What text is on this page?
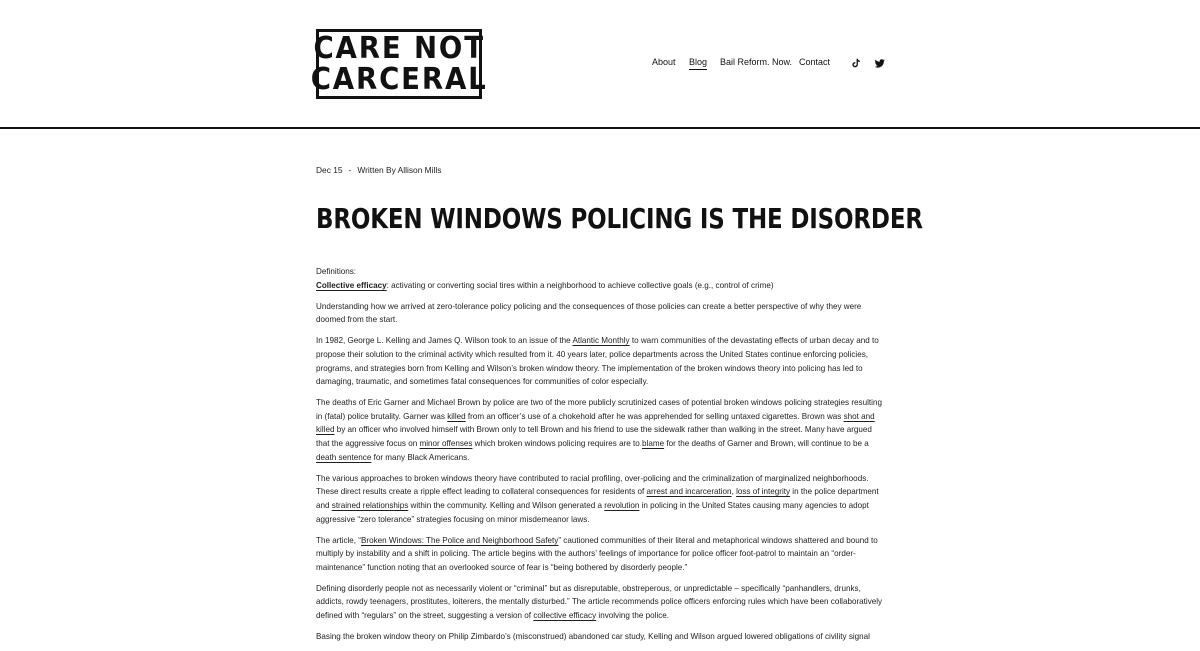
CARE NOT
CARCERAL	About Blog Bail Reform. Now. Contact
Dec 15 - Written By Allison Mills
BROKEN WINDOWS POLICING IS THE DISORDER

Definitions:
Collective efficacy: activating or converting social tires within a neighborhood to achieve collective goals (e.g., control of crime)

Understanding how we arrived at zero-tolerance policy policing and the consequences of those policies can create a better perspective of why they were doomed from the start.

In 1982, George L. Kelling and James Q. Wilson took to an issue of the Atlantic Monthly to warn communities of the devastating effects of urban decay and to propose their solution to the criminal activity which resulted from it. 40 years later, police departments across the United States continue enforcing policies, programs, and strategies born from Kelling and Wilson’s broken window theory. The implementation of the broken windows theory into policing has led to damaging, traumatic, and sometimes fatal consequences for communities of color especially.

The deaths of Eric Garner and Michael Brown by police are two of the more publicly scrutinized cases of potential broken windows policing strategies resulting in (fatal) police brutality. Garner was killed from an officer’s use of a chokehold after he was apprehended for selling untaxed cigarettes. Brown was shot and killed by an officer who involved himself with Brown only to tell Brown and his friend to use the sidewalk rather than walking in the street. Many have argued that the aggressive focus on minor offenses which broken windows policing requires are to blame for the deaths of Garner and Brown, will continue to be a death sentence for many Black Americans.

The various approaches to broken windows theory have contributed to racial profiling, over-policing and the criminalization of marginalized neighborhoods. These direct results create a ripple effect leading to collateral consequences for residents of arrest and incarceration, loss of integrity in the police department and strained relationships within the community. Kelling and Wilson generated a revolution in policing in the United States causing many agencies to adopt aggressive “zero tolerance” strategies focusing on minor misdemeanor laws.

The article, “Broken Windows: The Police and Neighborhood Safety” cautioned communities of their literal and metaphorical windows shattered and bound to multiply by instability and a shift in policing. The article begins with the authors’ feelings of importance for police officer foot-patrol to maintain an “order-maintenance” function noting that an overlooked source of fear is “being bothered by disorderly people.”

Defining disorderly people not as necessarily violent or “criminal” but as disreputable, obstreperous, or unpredictable – specifically “panhandlers, drunks, addicts, rowdy teenagers, prostitutes, loiterers, the mentally disturbed.” The article recommends police officers enforcing rules which have been collaboratively defined with “regulars” on the street, suggesting a version of collective efficacy involving the police.

Basing the broken window theory on Philip Zimbardo’s (misconstrued) abandoned car study, Kelling and Wilson argued lowered obligations of civility signal
